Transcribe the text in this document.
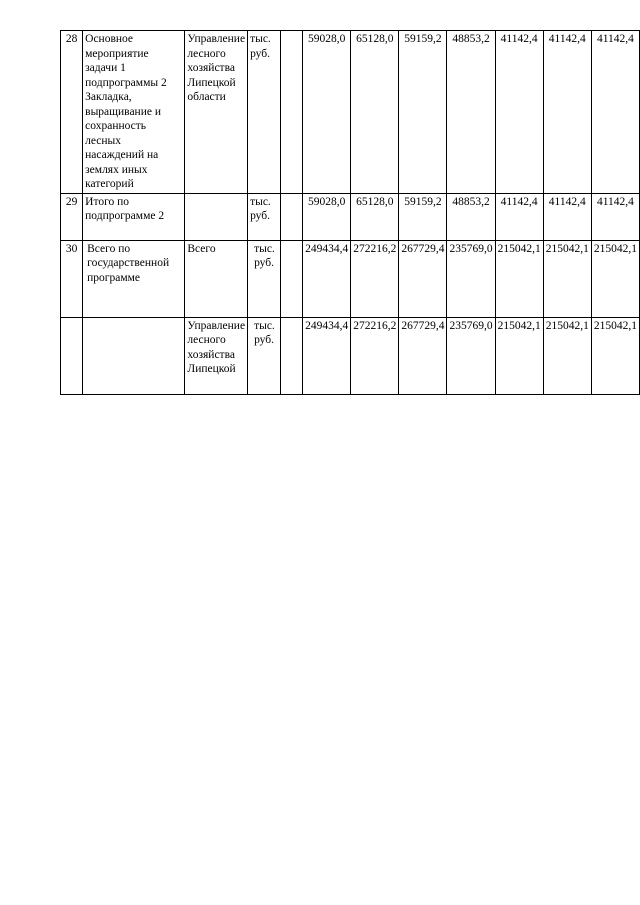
28	Основное мероприятие задачи 1 подпрограммы 2 Закладка, выращивание и сохранность лесных насаждений на землях иных категорий	Управление лесного хозяйства Липецкой области	тыс. руб.		59028,0	65128,0	59159,2	48853,2	41142,4	41142,4	41142,4
29	Итого по подпрограмме 2		тыс. руб.		59028,0	65128,0	59159,2	48853,2	41142,4	41142,4	41142,4
30	Всего по государственной программе	Всего	тыс. руб.		249434,4	272216,2	267729,4	235769,0	215042,1	215042,1	215042,1
		Управление лесного хозяйства Липецкой	тыс. руб.		249434,4	272216,2	267729,4	235769,0	215042,1	215042,1	215042,1
